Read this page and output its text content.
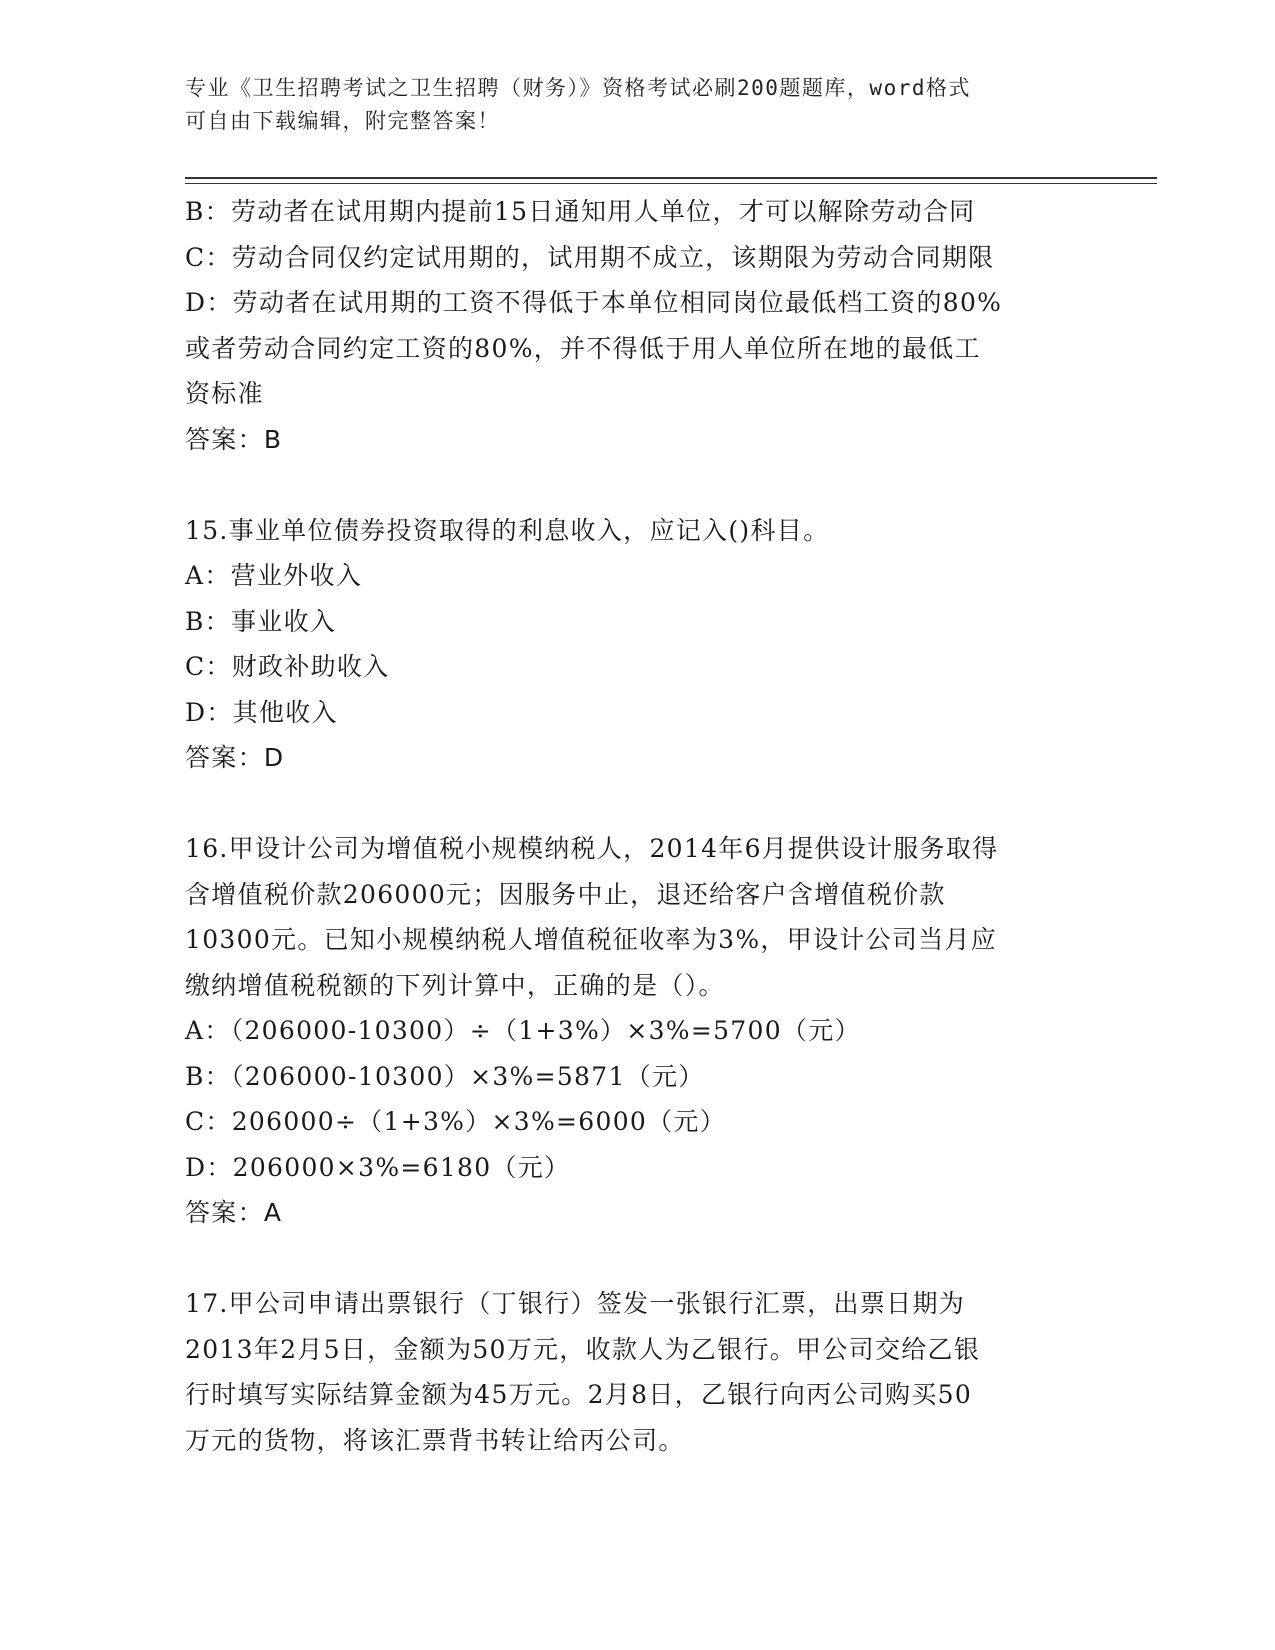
专业《卫生招聘考试之卫生招聘（财务）》资格考试必刷200题题库，word格式
可自由下载编辑，附完整答案！
B：劳动者在试用期内提前15日通知用人单位，才可以解除劳动合同
C：劳动合同仅约定试用期的，试用期不成立，该期限为劳动合同期限
D：劳动者在试用期的工资不得低于本单位相同岗位最低档工资的80%
或者劳动合同约定工资的80%，并不得低于用人单位所在地的最低工
资标准
答案：B
15.事业单位债券投资取得的利息收入，应记入()科目。
A：营业外收入
B：事业收入
C：财政补助收入
D：其他收入
答案：D
16.甲设计公司为增值税小规模纳税人，2014年6月提供设计服务取得
含增值税价款206000元；因服务中止，退还给客户含增值税价款
10300元。已知小规模纳税人增值税征收率为3%，甲设计公司当月应
缴纳增值税税额的下列计算中，正确的是（）。
A：（206000-10300）÷（1+3%）×3%=5700（元）
B：（206000-10300）×3%=5871（元）
C：206000÷（1+3%）×3%=6000（元）
D：206000×3%=6180（元）
答案：A
17.甲公司申请出票银行（丁银行）签发一张银行汇票，出票日期为
2013年2月5日，金额为50万元，收款人为乙银行。甲公司交给乙银
行时填写实际结算金额为45万元。2月8日，乙银行向丙公司购买50
万元的货物，将该汇票背书转让给丙公司。
